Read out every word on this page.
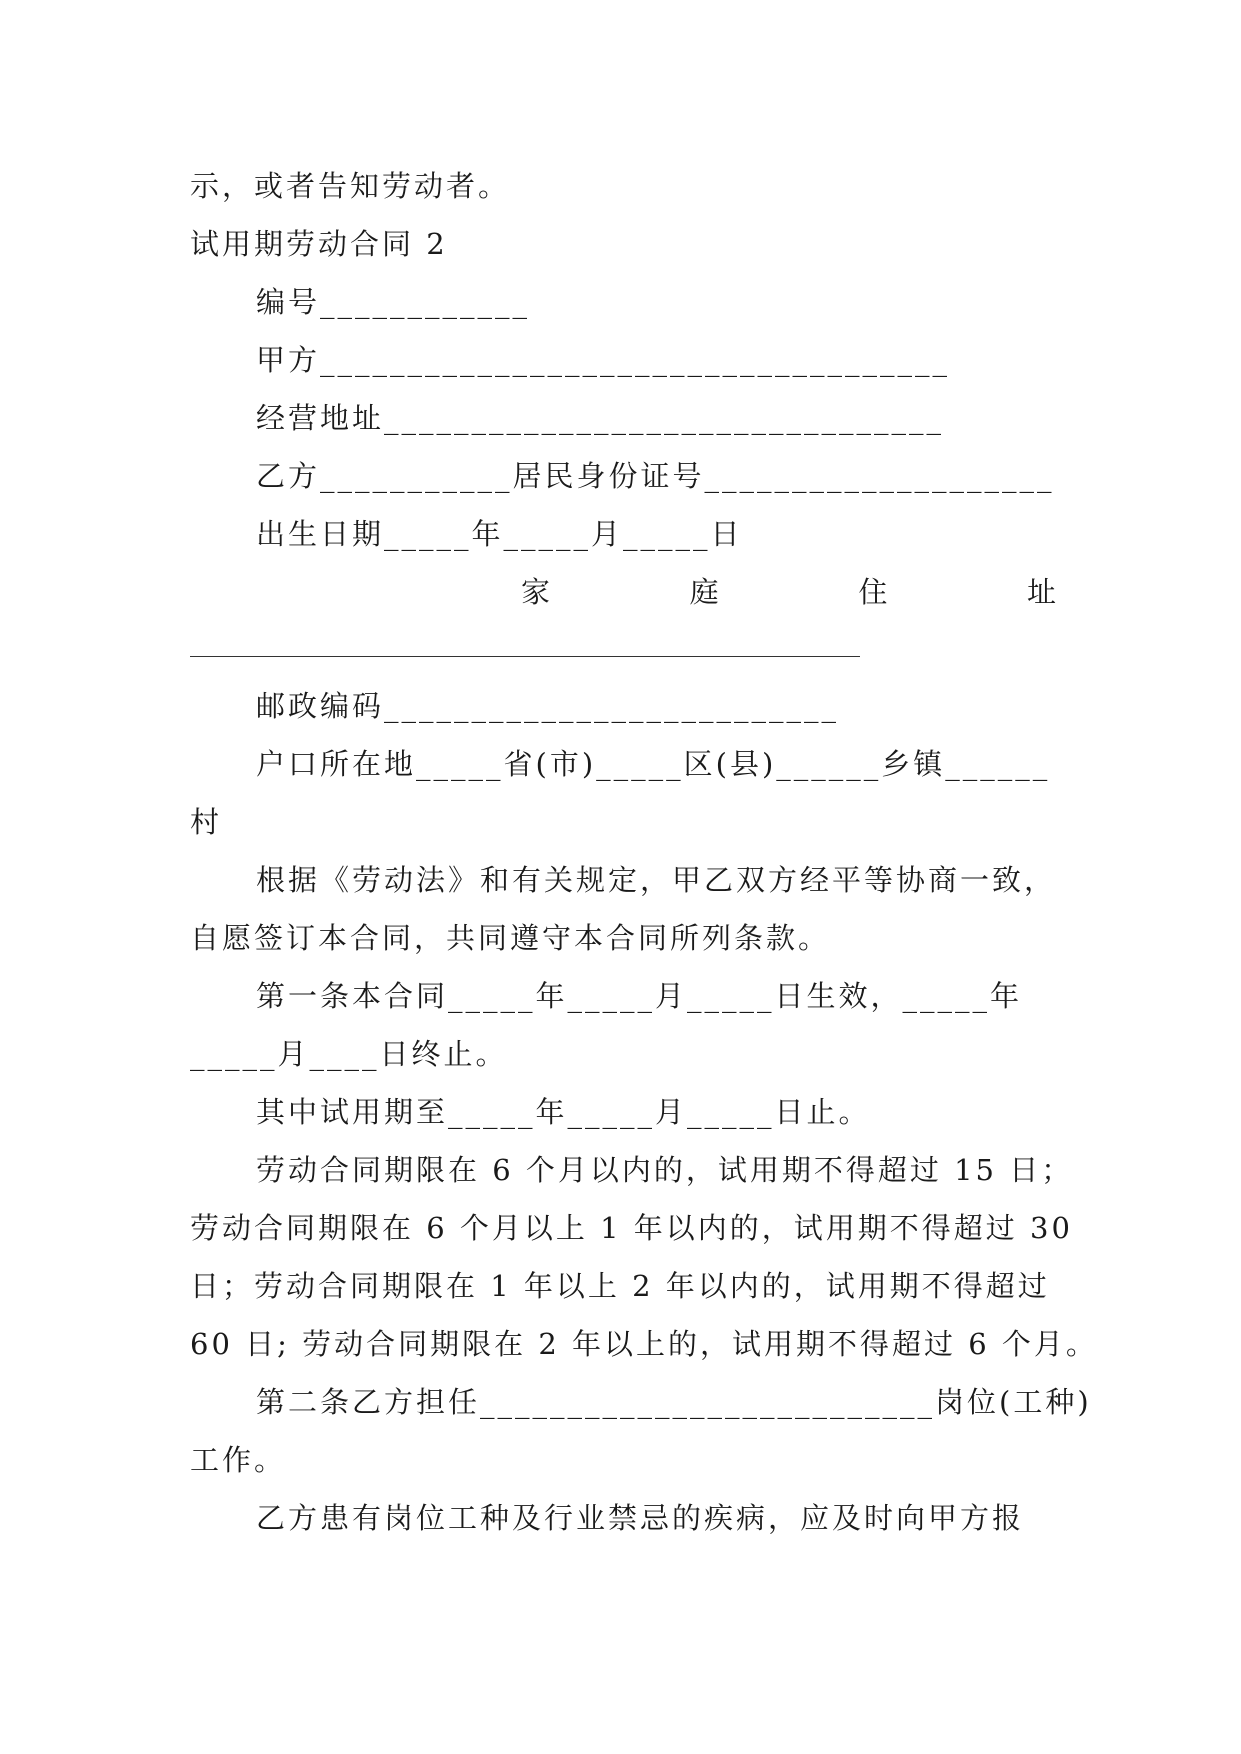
示，或者告知劳动者。
试用期劳动合同 2
编号____________
甲方____________________________________
经营地址________________________________
乙方___________居民身份证号____________________
出生日期_____年_____月_____日
家	庭	住	址
邮政编码__________________________
户口所在地_____省(市)_____区(县)______乡镇______
村
根据《劳动法》和有关规定，甲乙双方经平等协商一致，
自愿签订本合同，共同遵守本合同所列条款。
第一条本合同_____年_____月_____日生效，_____年
_____月____日终止。
其中试用期至_____年_____月_____日止。
劳动合同期限在 6 个月以内的，试用期不得超过 15 日；
劳动合同期限在 6 个月以上 1 年以内的，试用期不得超过 30
日；劳动合同期限在 1 年以上 2 年以内的，试用期不得超过
60 日; 劳动合同期限在 2 年以上的，试用期不得超过 6 个月。
第二条乙方担任__________________________岗位(工种)
工作。
乙方患有岗位工种及行业禁忌的疾病，应及时向甲方报
